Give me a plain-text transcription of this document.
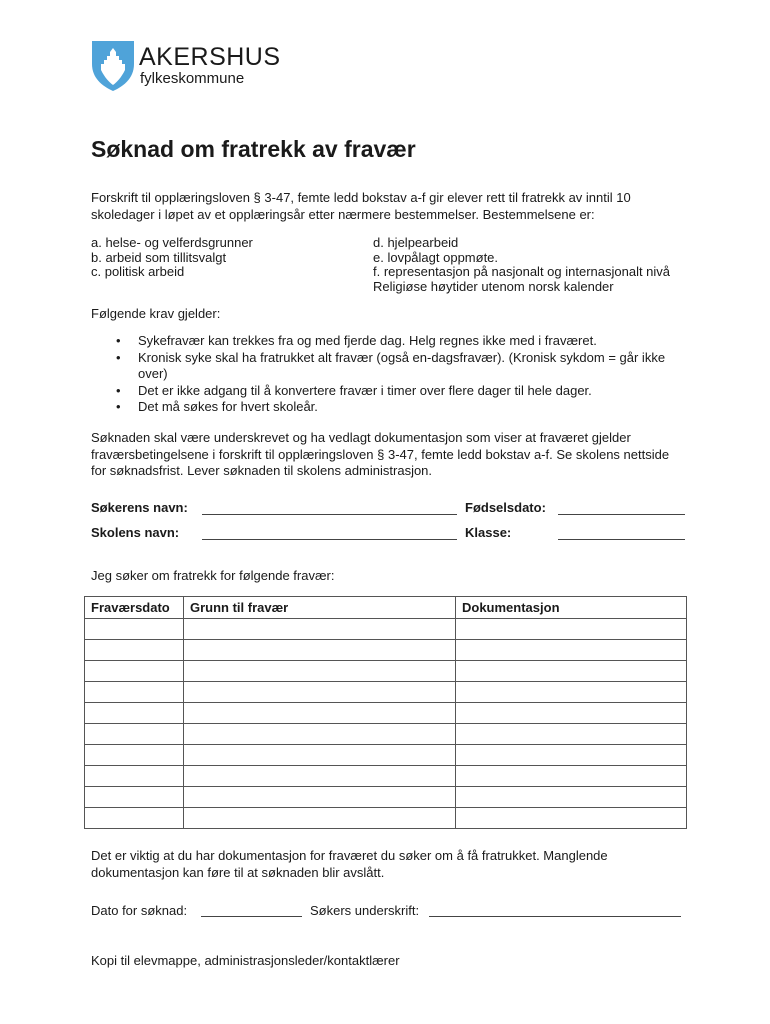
AKERSHUS
fylkeskommune
Søknad om fratrekk av fravær
Forskrift til opplæringsloven § 3-47, femte ledd bokstav a-f gir elever rett til fratrekk av inntil 10
skoledager i løpet av et opplæringsår etter nærmere bestemmelser. Bestemmelsene er:
a. helse- og velferdsgrunner
b. arbeid som tillitsvalgt
c. politisk arbeid
d. hjelpearbeid
e. lovpålagt oppmøte.
f. representasjon på nasjonalt og internasjonalt nivå
Religiøse høytider utenom norsk kalender
Følgende krav gjelder:
• Sykefravær kan trekkes fra og med fjerde dag. Helg regnes ikke med i fraværet.
• Kronisk syke skal ha fratrukket alt fravær (også en-dagsfravær). (Kronisk sykdom = går ikke
over)
• Det er ikke adgang til å konvertere fravær i timer over flere dager til hele dager.
• Det må søkes for hvert skoleår.
Søknaden skal være underskrevet og ha vedlagt dokumentasjon som viser at fraværet gjelder
fraværsbetingelsene i forskrift til opplæringsloven § 3-47, femte ledd bokstav a-f. Se skolens nettside
for søknadsfrist. Lever søknaden til skolens administrasjon.
Søkerens navn:	Fødselsdato:
Skolens navn:	Klasse:
Jeg søker om fratrekk for følgende fravær:
Fraværsdato	Grunn til fravær	Dokumentasjon

Det er viktig at du har dokumentasjon for fraværet du søker om å få fratrukket. Manglende
dokumentasjon kan føre til at søknaden blir avslått.
Dato for søknad:	Søkers underskrift:
Kopi til elevmappe, administrasjonsleder/kontaktlærer
